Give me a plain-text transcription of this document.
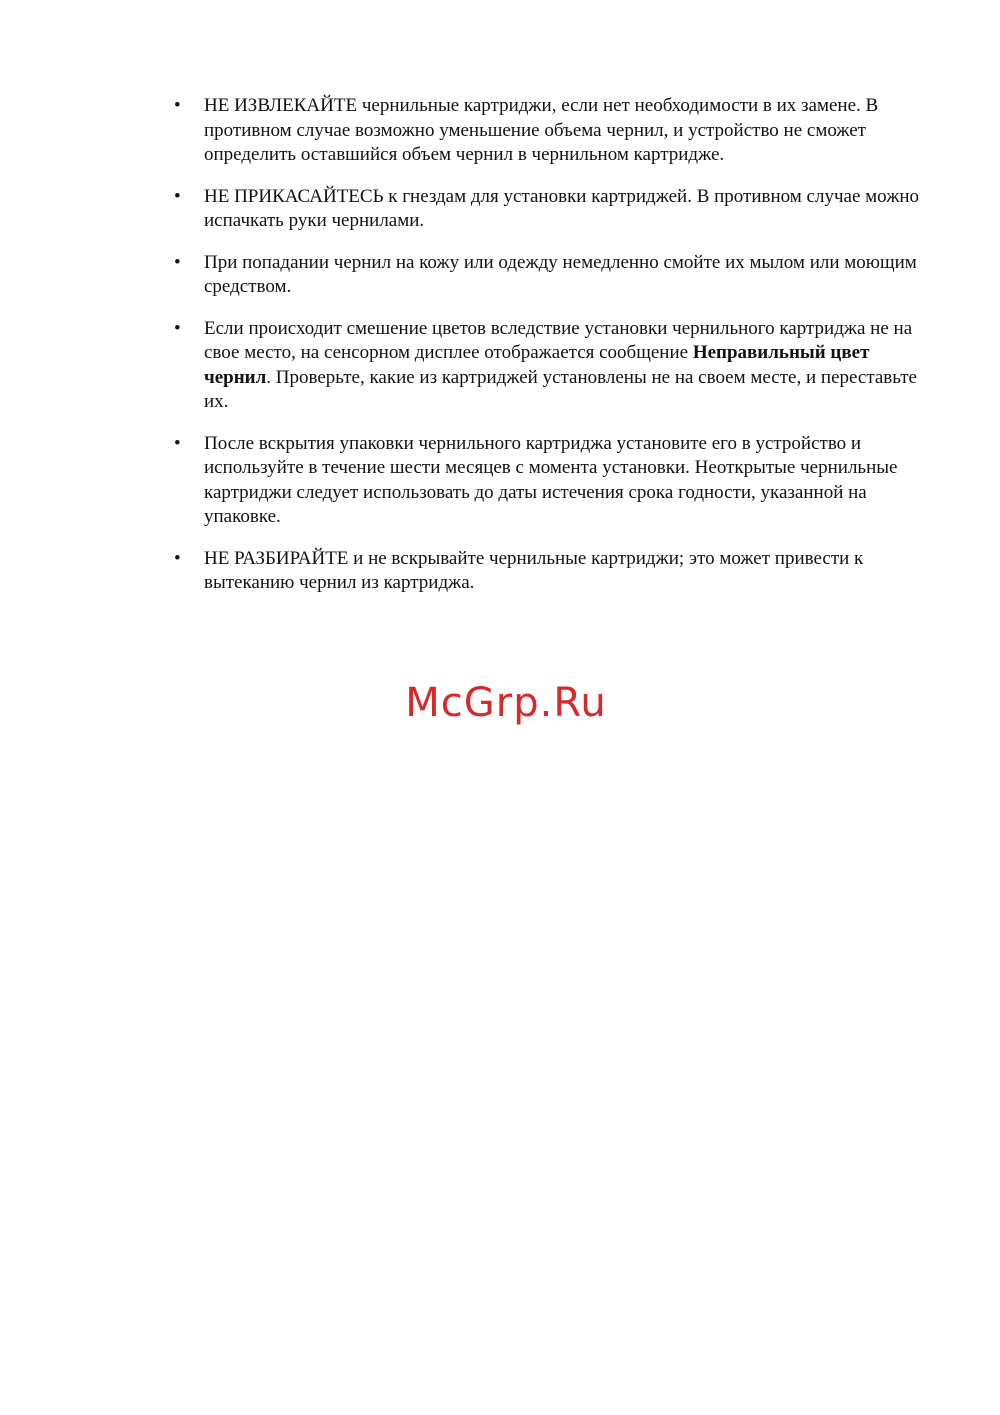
• НЕ ИЗВЛЕКАЙТЕ чернильные картриджи, если нет необходимости в их замене. В противном случае возможно уменьшение объема чернил, и устройство не сможет определить оставшийся объем чернил в чернильном картридже.
• НЕ ПРИКАСАЙТЕСЬ к гнездам для установки картриджей. В противном случае можно испачкать руки чернилами.
• При попадании чернил на кожу или одежду немедленно смойте их мылом или моющим средством.
• Если происходит смешение цветов вследствие установки чернильного картриджа не на свое место, на сенсорном дисплее отображается сообщение Неправильный цвет чернил. Проверьте, какие из картриджей установлены не на своем месте, и переставьте их.
• После вскрытия упаковки чернильного картриджа установите его в устройство и используйте в течение шести месяцев с момента установки. Неоткрытые чернильные картриджи следует использовать до даты истечения срока годности, указанной на упаковке.
• НЕ РАЗБИРАЙТЕ и не вскрывайте чернильные картриджи; это может привести к вытеканию чернил из картриджа.
McGrp.Ru
